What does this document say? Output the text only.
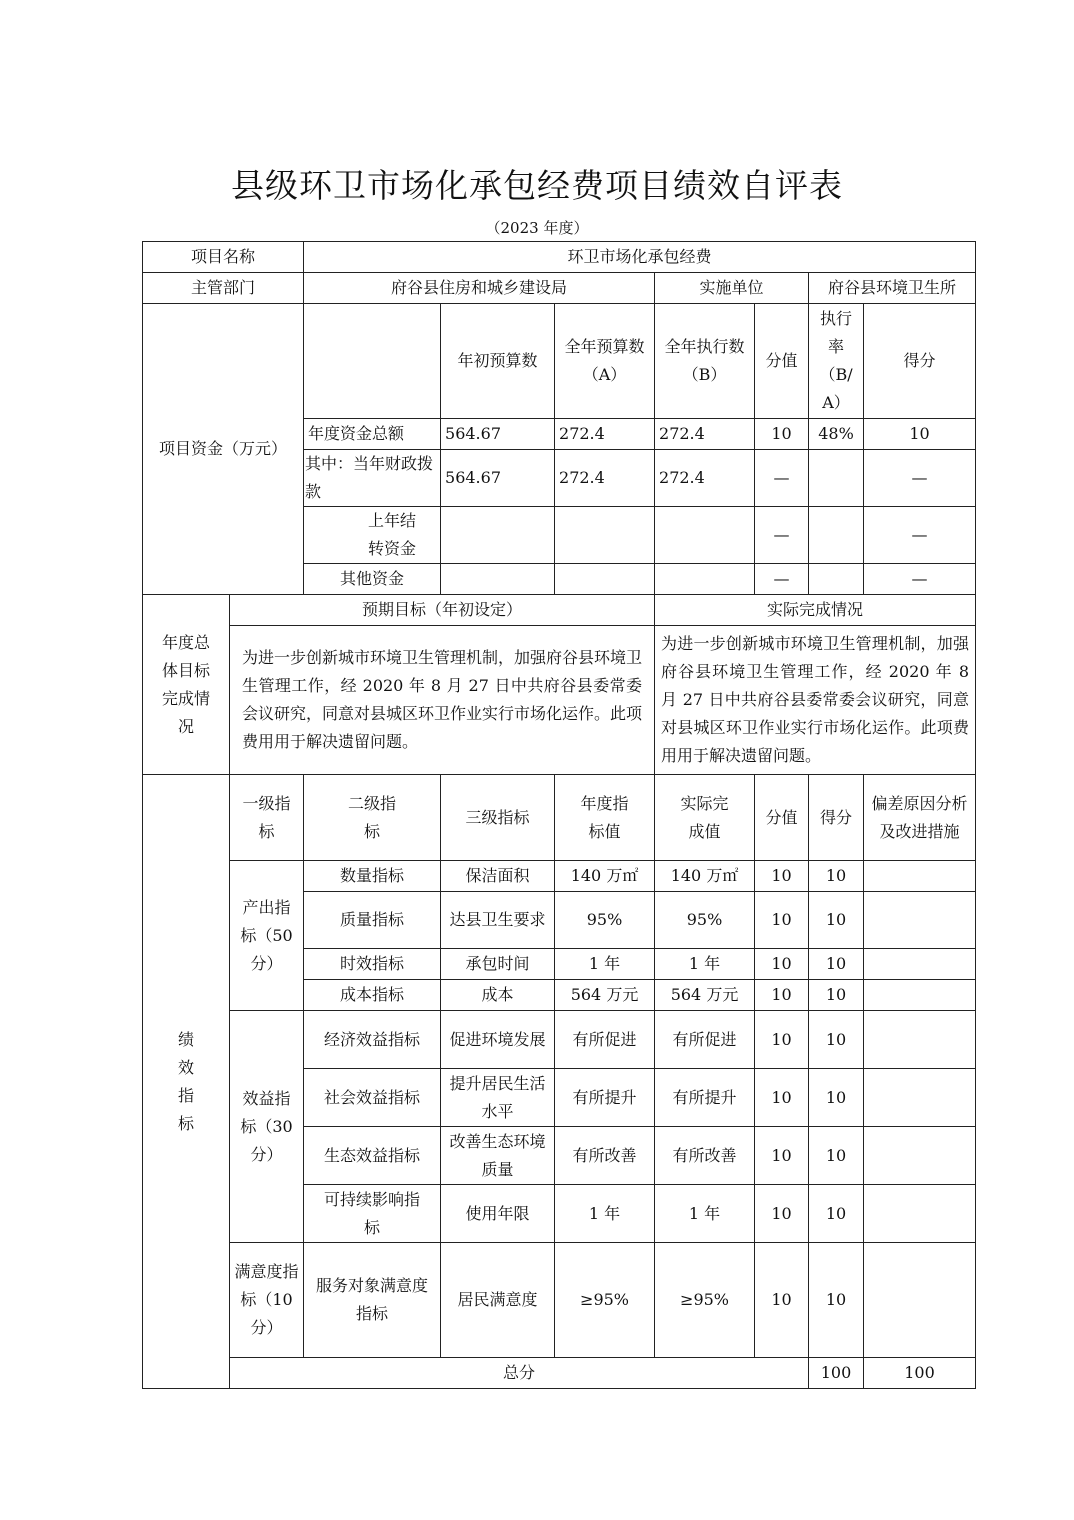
县级环卫市场化承包经费项目绩效自评表
（2023 年度）
项目名称		环卫市场化承包经费							
主管部门		府谷县住房和城乡建设局			实施单位		府谷县环境卫生所		
项目资金（万元）			年初预算数	全年预算数（A）	全年执行数（B）	分值	执行率（B/A）	得分	
		年度资金总额	564.67	272.4	272.4	10	48%	10	
		其中：当年财政拨款	564.67	272.4	272.4	—		—	
		上年结转资金				—		—	
		其他资金				—		—	
年度总体目标完成情况	预期目标（年初设定）				实际完成情况				
	为进一步创新城市环境卫生管理机制，加强府谷县环境卫生管理工作，经 2020 年 8 月 27 日中共府谷县委常委会议研究，同意对县城区环卫作业实行市场化运作。此项费用用于解决遗留问题。				为进一步创新城市环境卫生管理机制，加强府谷县环境卫生管理工作，经 2020 年 8 月 27 日中共府谷县委常委会议研究，同意对县城区环卫作业实行市场化运作。此项费用用于解决遗留问题。				
绩效指标	一级指标	二级指标	三级指标	年度指标值	实际完成值	分值	得分	偏差原因分析及改进措施	
	产出指标（50分）	数量指标	保洁面积	140 万㎡	140 万㎡	10	10		
		质量指标	达县卫生要求	95%	95%	10	10		
		时效指标	承包时间	1 年	1 年	10	10		
		成本指标	成本	564 万元	564 万元	10	10		
	效益指标（30分）	经济效益指标	促进环境发展	有所促进	有所促进	10	10		
		社会效益指标	提升居民生活水平	有所提升	有所提升	10	10		
		生态效益指标	改善生态环境质量	有所改善	有所改善	10	10		
		可持续影响指标	使用年限	1 年	1 年	10	10		
	满意度指标（10分）	服务对象满意度指标	居民满意度	≥95%	≥95%	10	10		
	总分						100	100	
